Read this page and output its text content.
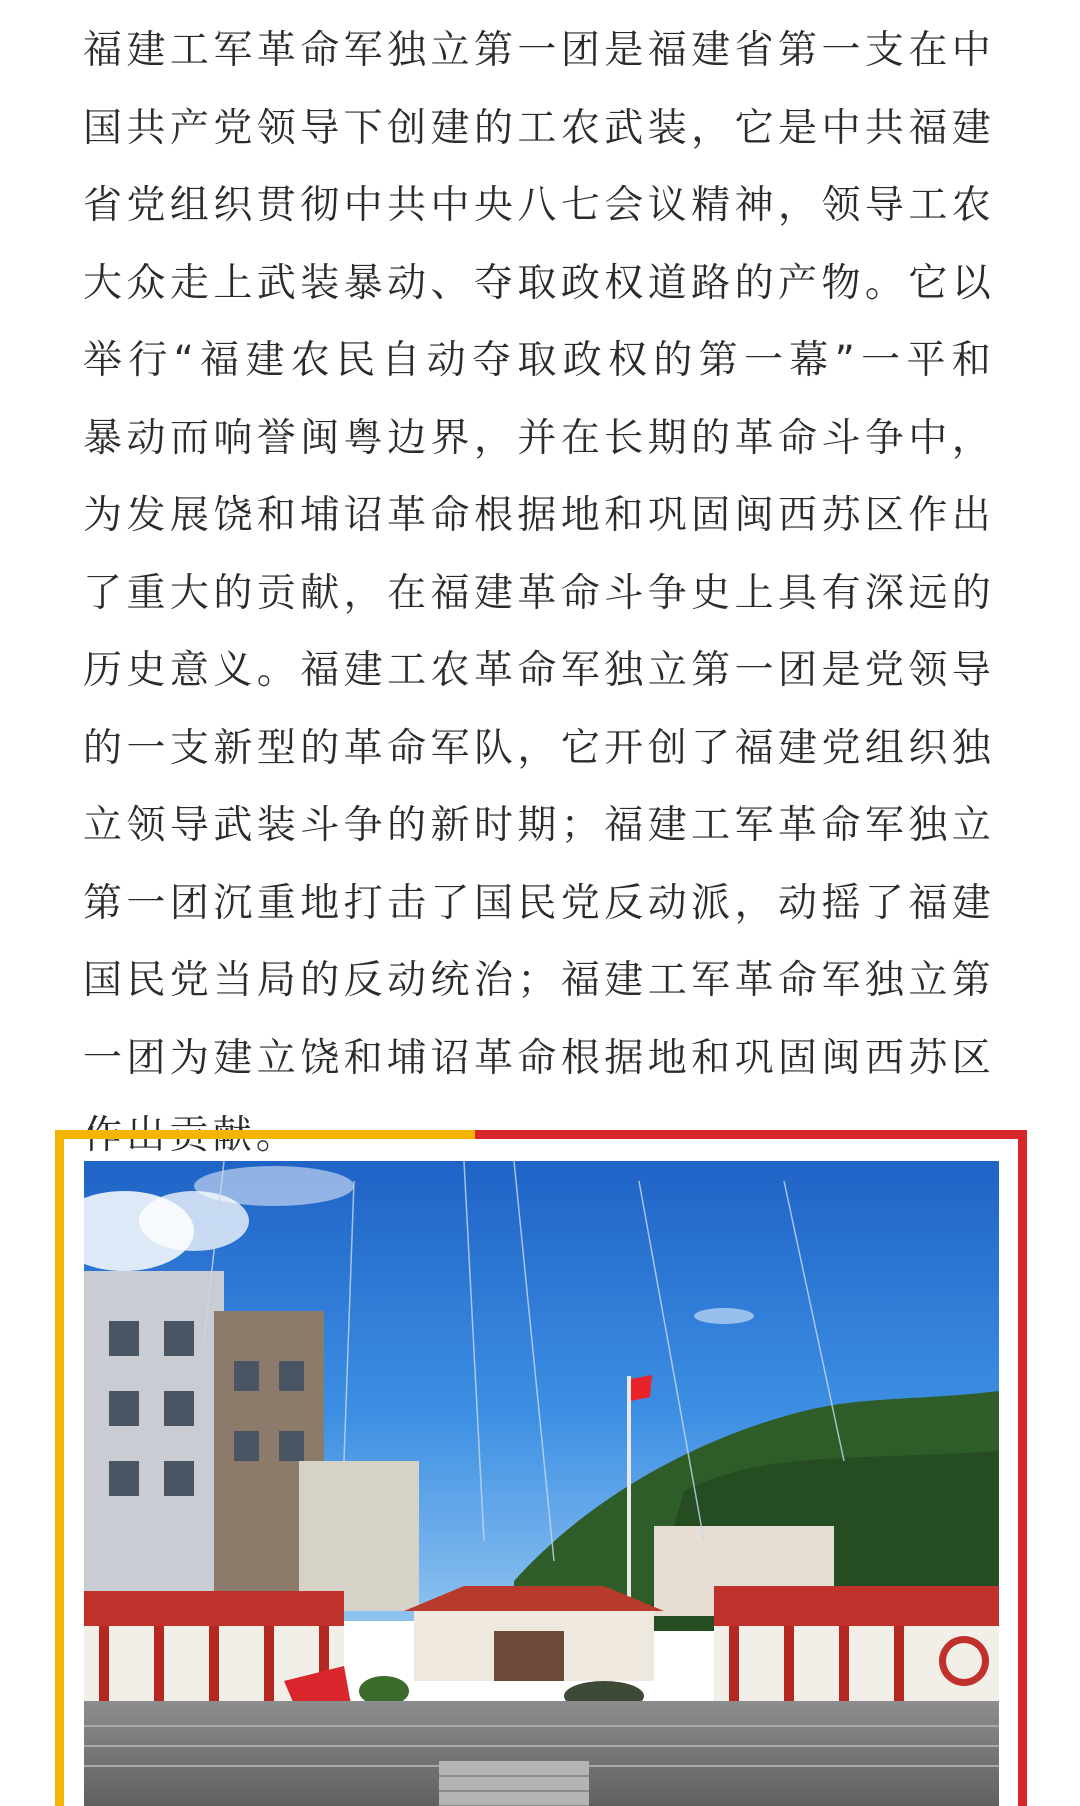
福建工军革命军独立第一团是福建省第一支在中国共产党领导下创建的工农武装，它是中共福建省党组织贯彻中共中央八七会议精神，领导工农大众走上武装暴动、夺取政权道路的产物。它以举行“福建农民自动夺取政权的第一幕”一平和暴动而响誉闽粤边界，并在长期的革命斗争中，为发展饶和埔诏革命根据地和巩固闽西苏区作出了重大的贡献，在福建革命斗争史上具有深远的历史意义。福建工农革命军独立第一团是党领导的一支新型的革命军队，它开创了福建党组织独立领导武装斗争的新时期；福建工军革命军独立第一团沉重地打击了国民党反动派，动摇了福建国民党当局的反动统治；福建工军革命军独立第一团为建立饶和埔诏革命根据地和巩固闽西苏区
